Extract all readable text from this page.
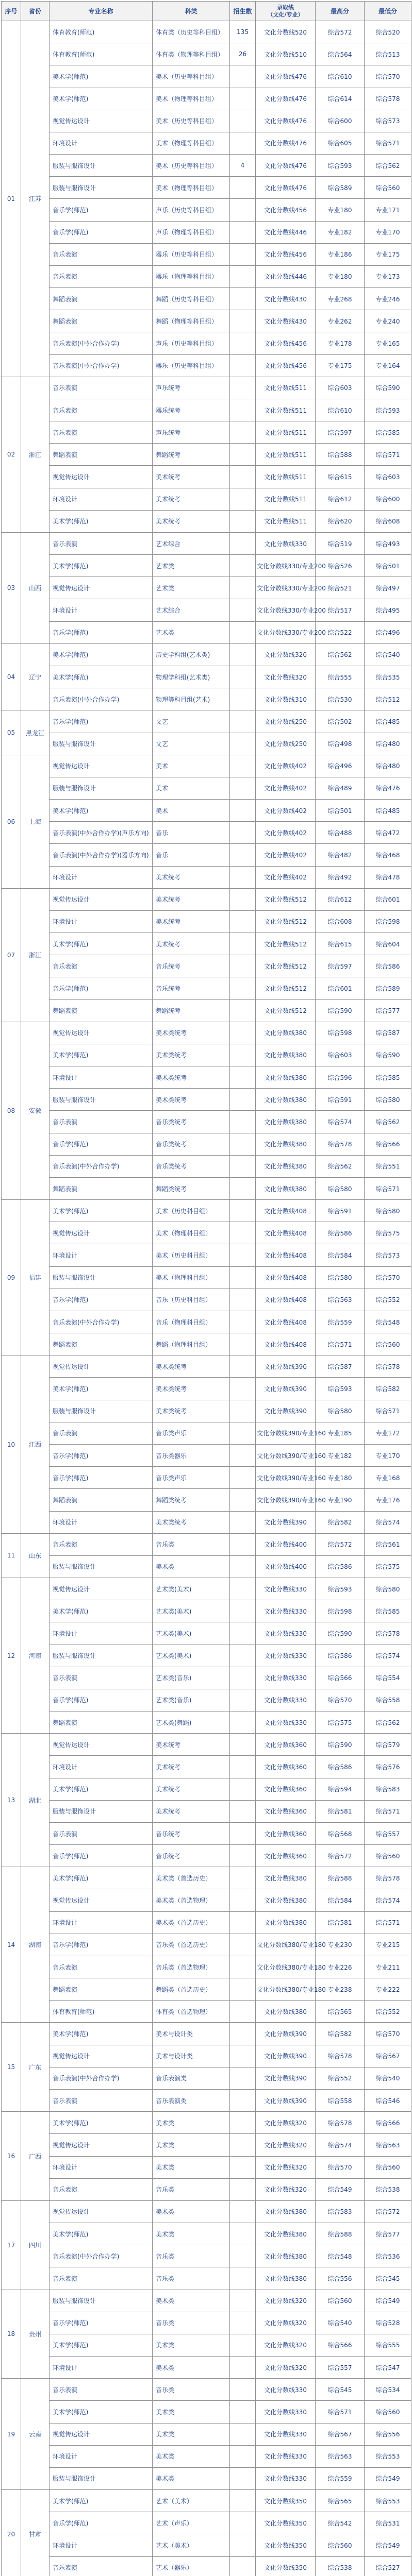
序号	省份	专业名称	科类	招生数	录取线
（文化/专业）	最高分	最低分
01	江苏	体育教育(师范)	体育类（历史等科目组）	135	文化分数线520	综合572	综合520
		体育教育(师范)	体育类（物理等科目组）	26	文化分数线510	综合564	综合513
		美术学(师范)	美术（历史等科目组）		文化分数线476	综合610	综合570
		美术学(师范)	美术（物理等科目组）		文化分数线476	综合614	综合578
		视觉传达设计	美术（历史等科目组）		文化分数线476	综合600	综合573
		环境设计	美术（物理等科目组）		文化分数线476	综合605	综合571
		服装与服饰设计	美术（历史等科目组）	4	文化分数线476	综合593	综合562
		服装与服饰设计	美术（物理等科目组）		文化分数线476	综合589	综合560
		音乐学(师范)	声乐（历史等科目组）		文化分数线456	专业180	专业171
		音乐学(师范)	声乐（物理等科目组）		文化分数线446	专业182	专业170
		音乐表演	器乐（历史等科目组）		文化分数线456	专业186	专业175
		音乐表演	器乐（物理等科目组）		文化分数线446	专业180	专业173
		舞蹈表演	舞蹈（历史等科目组）		文化分数线430	专业268	专业246
		舞蹈表演	舞蹈（物理等科目组）		文化分数线430	专业262	专业240
		音乐表演(中外合作办学)	声乐（历史等科目组）		文化分数线456	专业178	专业165
		音乐表演(中外合作办学)	器乐（历史等科目组）		文化分数线456	专业175	专业164
02	浙江	音乐表演	声乐统考		文化分数线511	综合603	综合590
		音乐表演	器乐统考		文化分数线511	综合610	综合593
		音乐表演	声乐统考		文化分数线511	综合597	综合585
		舞蹈表演	舞蹈统考		文化分数线511	综合588	综合571
		视觉传达设计	美术统考		文化分数线511	综合615	综合603
		环境设计	美术统考		文化分数线511	综合612	综合600
		美术学(师范)	美术统考		文化分数线511	综合620	综合608
03	山西	音乐表演	艺术综合		文化分数线330	综合519	综合493
		美术学(师范)	艺术类		文化分数线330/专业200	综合526	综合501
		视觉传达设计	艺术类		文化分数线330/专业200	综合521	综合497
		环境设计	艺术综合		文化分数线330/专业200	综合517	综合495
		音乐学(师范)	艺术类		文化分数线330/专业200	综合522	综合496
04	辽宁	美术学(师范)	历史学科组(艺术类)		文化分数线320	综合562	综合540
		美术学(师范)	物理学科组(艺术类)		文化分数线320	综合555	综合535
		音乐表演(中外合作办学)	物理等科目组(艺术)		文化分数线310	综合530	综合512
05	黑龙江	音乐学(师范)	文艺		文化分数线250	综合502	综合485
		服装与服饰设计	文艺		文化分数线250	综合498	综合480
06	上海	视觉传达设计	美术		文化分数线402	综合496	综合480
		服装与服饰设计	美术		文化分数线402	综合489	综合476
		美术学(师范)	美术		文化分数线402	综合501	综合485
		音乐表演(中外合作办学)(声乐方向)	音乐		文化分数线402	综合488	综合472
		音乐表演(中外合作办学)(器乐方向)	音乐		文化分数线402	综合482	综合468
		环境设计	美术统考		文化分数线402	综合492	综合478
07	浙江	视觉传达设计	美术统考		文化分数线512	综合612	综合601
		环境设计	美术统考		文化分数线512	综合608	综合598
		美术学(师范)	美术统考		文化分数线512	综合615	综合604
		音乐表演	音乐统考		文化分数线512	综合597	综合586
		音乐学(师范)	音乐统考		文化分数线512	综合601	综合589
		舞蹈表演	舞蹈统考		文化分数线512	综合590	综合577
08	安徽	视觉传达设计	美术类统考		文化分数线380	综合598	综合587
		美术学(师范)	美术类统考		文化分数线380	综合603	综合590
		环境设计	美术类统考		文化分数线380	综合596	综合585
		服装与服饰设计	美术类统考		文化分数线380	综合591	综合580
		音乐表演	音乐类统考		文化分数线380	综合574	综合562
		音乐学(师范)	音乐类统考		文化分数线380	综合578	综合566
		音乐表演(中外合作办学)	音乐类统考		文化分数线380	综合562	综合551
		舞蹈表演	舞蹈类统考		文化分数线380	综合580	综合571
09	福建	美术学(师范)	美术（历史科目组）		文化分数线408	综合591	综合580
		视觉传达设计	美术（物理科目组）		文化分数线408	综合586	综合575
		环境设计	美术（历史科目组）		文化分数线408	综合584	综合573
		服装与服饰设计	美术（物理科目组）		文化分数线408	综合580	综合570
		音乐学(师范)	音乐（历史科目组）		文化分数线408	综合563	综合552
		音乐表演(中外合作办学)	音乐（物理科目组）		文化分数线408	综合559	综合548
		舞蹈表演	舞蹈（物理科目组）		文化分数线408	综合571	综合560
10	江西	视觉传达设计	美术类统考		文化分数线390	综合587	综合578
		美术学(师范)	美术类统考		文化分数线390	综合593	综合582
		服装与服饰设计	美术类统考		文化分数线390	综合580	综合571
		音乐表演	音乐类声乐		文化分数线390/专业160	专业185	专业172
		音乐学(师范)	音乐类器乐		文化分数线390/专业160	专业182	专业170
		音乐学(师范)	音乐类声乐		文化分数线390/专业160	专业180	专业168
		舞蹈表演	舞蹈类统考		文化分数线390/专业160	专业190	专业176
		环境设计	美术类统考		文化分数线390	综合582	综合574
11	山东	音乐表演	音乐类		文化分数线400	综合572	综合561
		服装与服饰设计	美术类		文化分数线400	综合586	综合575
12	河南	视觉传达设计	艺术类(美术)		文化分数线330	综合593	综合580
		美术学(师范)	艺术类(美术)		文化分数线330	综合598	综合585
		环境设计	艺术类(美术)		文化分数线330	综合590	综合578
		服装与服饰设计	艺术类(美术)		文化分数线330	综合586	综合574
		音乐表演	艺术类(音乐)		文化分数线330	综合566	综合554
		音乐学(师范)	艺术类(音乐)		文化分数线330	综合570	综合558
		舞蹈表演	艺术类(舞蹈)		文化分数线330	综合575	综合562
13	湖北	视觉传达设计	美术统考		文化分数线360	综合590	综合579
		环境设计	美术统考		文化分数线360	综合586	综合576
		美术学(师范)	美术统考		文化分数线360	综合594	综合583
		服装与服饰设计	美术统考		文化分数线360	综合581	综合571
		音乐表演	音乐统考		文化分数线360	综合568	综合557
		音乐学(师范)	音乐统考		文化分数线360	综合572	综合560
14	湖南	美术学(师范)	美术类（首选历史）		文化分数线380	综合588	综合578
		视觉传达设计	美术类（首选物理）		文化分数线380	综合584	综合574
		环境设计	美术类（首选历史）		文化分数线380	综合581	综合571
		音乐学(师范)	音乐类（首选历史）		文化分数线380/专业180	专业230	专业215
		音乐表演	音乐类（首选物理）		文化分数线380/专业180	专业226	专业211
		舞蹈表演	舞蹈类（首选历史）		文化分数线380/专业180	专业238	专业222
		体育教育(师范)	体育类（首选物理）		文化分数线380	综合565	综合552
15	广东	美术学(师范)	美术与设计类		文化分数线390	综合582	综合570
		视觉传达设计	美术与设计类		文化分数线390	综合578	综合567
		音乐表演(中外合作办学)	音乐表演类		文化分数线390	综合552	综合540
		音乐表演	音乐表演类		文化分数线390	综合558	综合546
16	广西	美术学(师范)	美术类		文化分数线320	综合578	综合566
		视觉传达设计	美术类		文化分数线320	综合574	综合563
		环境设计	美术类		文化分数线320	综合570	综合560
		音乐表演	音乐类		文化分数线320	综合549	综合538
17	四川	视觉传达设计	美术类		文化分数线380	综合583	综合572
		美术学(师范)	美术类		文化分数线380	综合588	综合577
		音乐表演(中外合作办学)	音乐类		文化分数线380	综合548	综合536
		音乐表演	音乐类		文化分数线380	综合556	综合545
18	贵州	服装与服饰设计	美术类		文化分数线320	综合560	综合549
		音乐学(师范)	音乐类		文化分数线320	综合540	综合528
		美术学(师范)	美术类		文化分数线320	综合566	综合555
		环境设计	美术类		文化分数线320	综合557	综合547
19	云南	音乐表演	音乐类		文化分数线330	综合545	综合534
		美术学(师范)	美术类		文化分数线330	综合571	综合560
		视觉传达设计	美术类		文化分数线330	综合567	综合556
		环境设计	美术类		文化分数线330	综合563	综合553
		服装与服饰设计	美术类		文化分数线330	综合559	综合549
20	甘肃	美术学(师范)	艺术（美术）		文化分数线350	综合565	综合553
		音乐学(师范)	艺术（声乐）		文化分数线350	综合542	综合531
		环境设计	艺术（美术）		文化分数线350	综合560	综合549
		音乐表演	艺术（器乐）		文化分数线350	综合538	综合527
